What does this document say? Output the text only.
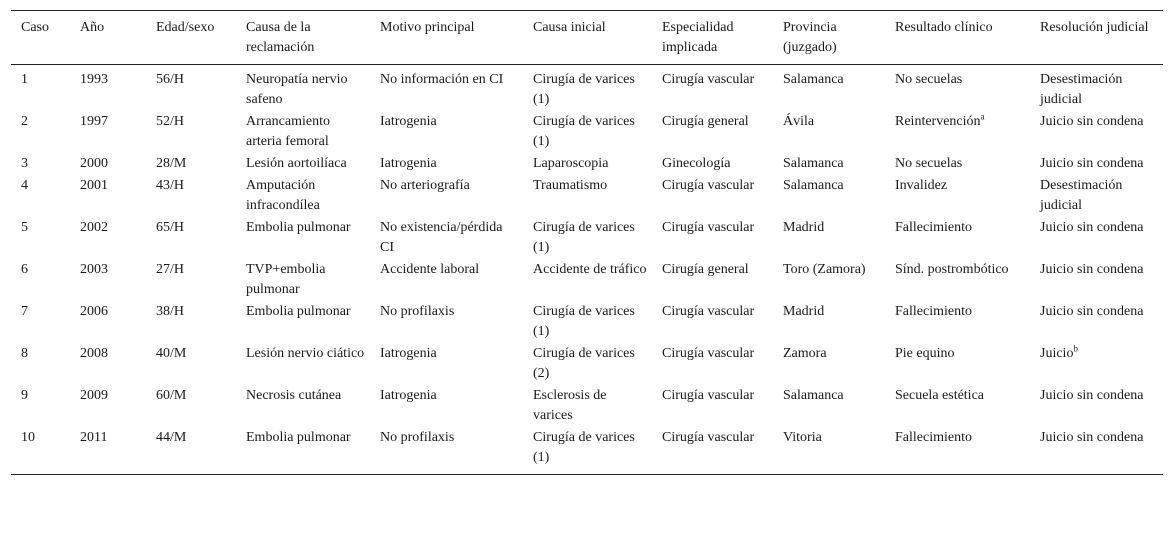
Caso	Año	Edad/sexo	Causa de la reclamación	Motivo principal	Causa inicial	Especialidad implicada	Provincia (juzgado)	Resultado clínico	Resolución judicial
1	1993	56/H	Neuropatía nervio safeno	No información en CI	Cirugía de varices (1)	Cirugía vascular	Salamanca	No secuelas	Desestimación judicial
2	1997	52/H	Arrancamiento arteria femoral	Iatrogenia	Cirugía de varices (1)	Cirugía general	Ávila	Reintervención$^a$	Juicio sin condena
3	2000	28/M	Lesión aortoilíaca	Iatrogenia	Laparoscopia	Ginecología	Salamanca	No secuelas	Juicio sin condena
4	2001	43/H	Amputación infracondílea	No arteriografía	Traumatismo	Cirugía vascular	Salamanca	Invalidez	Desestimación judicial
5	2002	65/H	Embolia pulmonar	No existencia/pérdida CI	Cirugía de varices (1)	Cirugía vascular	Madrid	Fallecimiento	Juicio sin condena
6	2003	27/H	TVP+embolia pulmonar	Accidente laboral	Accidente de tráfico	Cirugía general	Toro (Zamora)	Sínd. postrombótico	Juicio sin condena
7	2006	38/H	Embolia pulmonar	No profilaxis	Cirugía de varices (1)	Cirugía vascular	Madrid	Fallecimiento	Juicio sin condena
8	2008	40/M	Lesión nervio ciático	Iatrogenia	Cirugía de varices (2)	Cirugía vascular	Zamora	Pie equino	Juicio$^b$
9	2009	60/M	Necrosis cutánea	Iatrogenia	Esclerosis de varices	Cirugía vascular	Salamanca	Secuela estética	Juicio sin condena
10	2011	44/M	Embolia pulmonar	No profilaxis	Cirugía de varices (1)	Cirugía vascular	Vitoria	Fallecimiento	Juicio sin condena
